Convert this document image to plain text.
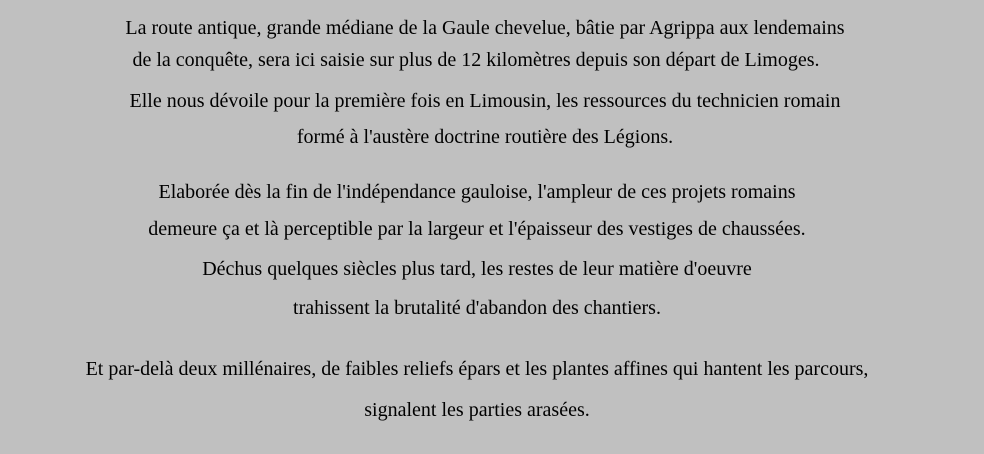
La route antique, grande médiane de la Gaule chevelue, bâtie par Agrippa aux lendemains

de la conquête, sera ici saisie sur plus de 12 kilomètres depuis son départ de Limoges.

Elle nous dévoile pour la première fois en Limousin, les ressources du technicien romain

formé à l'austère doctrine routière des Légions.

Elaborée dès la fin de l'indépendance gauloise, l'ampleur de ces projets romains

demeure ça et là perceptible par la largeur et l'épaisseur des vestiges de chaussées.

Déchus quelques siècles plus tard, les restes de leur matière d'oeuvre

trahissent la brutalité d'abandon des chantiers.

Et par-delà deux millénaires, de faibles reliefs épars et les plantes affines qui hantent les parcours,

signalent les parties arasées.
